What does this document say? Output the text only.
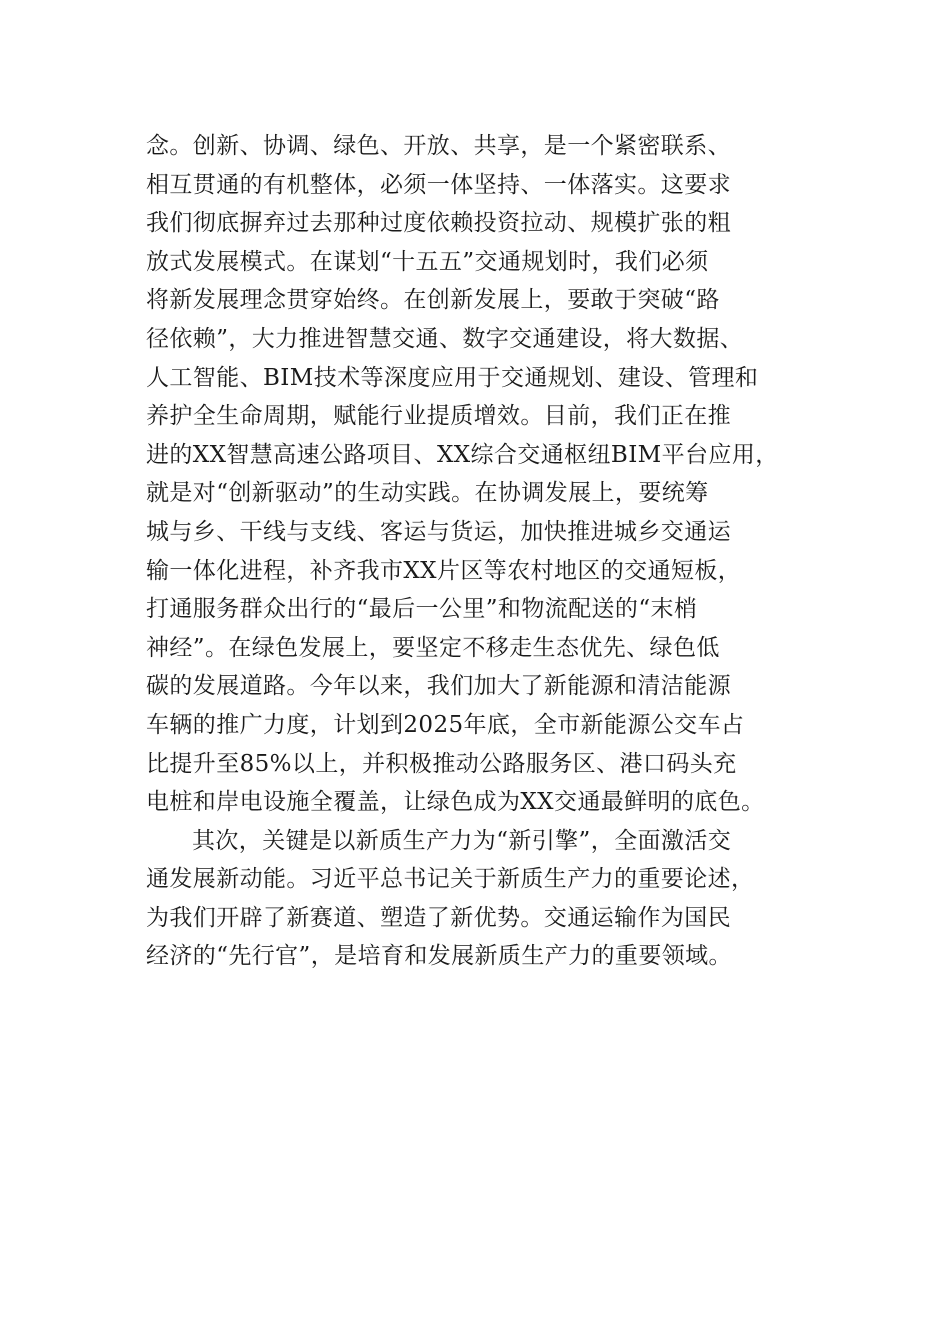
念。创新、协调、绿色、开放、共享，是一个紧密联系、
相互贯通的有机整体，必须一体坚持、一体落实。这要求
我们彻底摒弃过去那种过度依赖投资拉动、规模扩张的粗
放式发展模式。在谋划“十五五”交通规划时，我们必须
将新发展理念贯穿始终。在创新发展上，要敢于突破“路
径依赖”，大力推进智慧交通、数字交通建设，将大数据、
人工智能、BIM技术等深度应用于交通规划、建设、管理和
养护全生命周期，赋能行业提质增效。目前，我们正在推
进的XX智慧高速公路项目、XX综合交通枢纽BIM平台应用，
就是对“创新驱动”的生动实践。在协调发展上，要统筹
城与乡、干线与支线、客运与货运，加快推进城乡交通运
输一体化进程，补齐我市XX片区等农村地区的交通短板，
打通服务群众出行的“最后一公里”和物流配送的“末梢
神经”。在绿色发展上，要坚定不移走生态优先、绿色低
碳的发展道路。今年以来，我们加大了新能源和清洁能源
车辆的推广力度，计划到2025年底，全市新能源公交车占
比提升至85%以上，并积极推动公路服务区、港口码头充
电桩和岸电设施全覆盖，让绿色成为XX交通最鲜明的底色。
其次，关键是以新质生产力为“新引擎”，全面激活交
通发展新动能。习近平总书记关于新质生产力的重要论述，
为我们开辟了新赛道、塑造了新优势。交通运输作为国民
经济的“先行官”，是培育和发展新质生产力的重要领域。
